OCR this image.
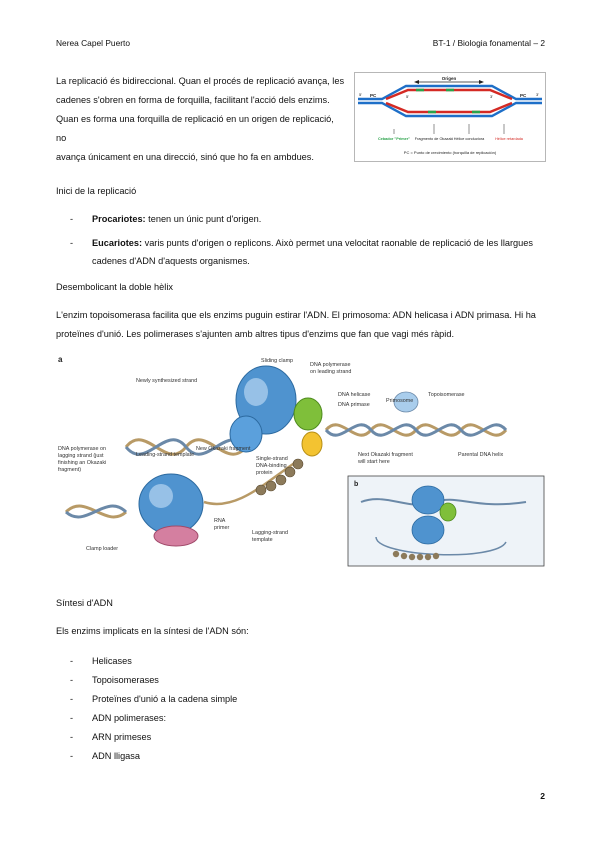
Nerea Capel Puerto	BT-1 / Biologia fonamental – 2
La replicació és bidireccional. Quan el procés de replicació avança, les
cadenes s'obren en forma de forquilla, facilitant l'acció dels enzims.
Quan es forma una forquilla de replicació en un origen de replicació, no
avança únicament en una direcció, sinó que ho fa en ambdues.
Origen
PC	PC
5'	3'
5'	3'
Cebador "Primer" Fragmento de Okazaki Hélice conductora	Hélice retardada
PC = Punto de crecimiento (horquilla de replicación)
Inici de la replicació
- Procariotes: tenen un únic punt d'origen.
- Eucariotes: varis punts d'origen o replicons. Això permet una velocitat raonable de replicació de les llargues
cadenes d'ADN d'aquests organismes.
Desembolicant la doble hèlix
L'enzim topoisomerasa facilita que els enzims puguin estirar l'ADN. El primosoma: ADN helicasa i ADN primasa. Hi ha
proteïnes d'unió. Les polimerases s'ajunten amb altres tipus d'enzims que fan que vagi més ràpid.
a	Sliding clamp
DNA polymerase
on leading strand
Newly synthesized strand
Leading-strand template
DNA helicase
DNA primase
Primosome
Topoisomerase
Parental DNA helix
Next Okazaki fragment
will start here
New Okazaki fragment
DNA polymerase on
lagging strand (just
finishing an Okazaki
fragment)
Single-strand
DNA-binding
protein
Clamp loader
RNA
primer
Lagging-strand
template
b
Síntesi d'ADN
Els enzims implicats en la síntesi de l'ADN són:
- Helicases
- Topoisomerases
- Proteïnes d'unió a la cadena simple
- ADN polimerases:
- ARN primeses
- ADN lligasa
2
